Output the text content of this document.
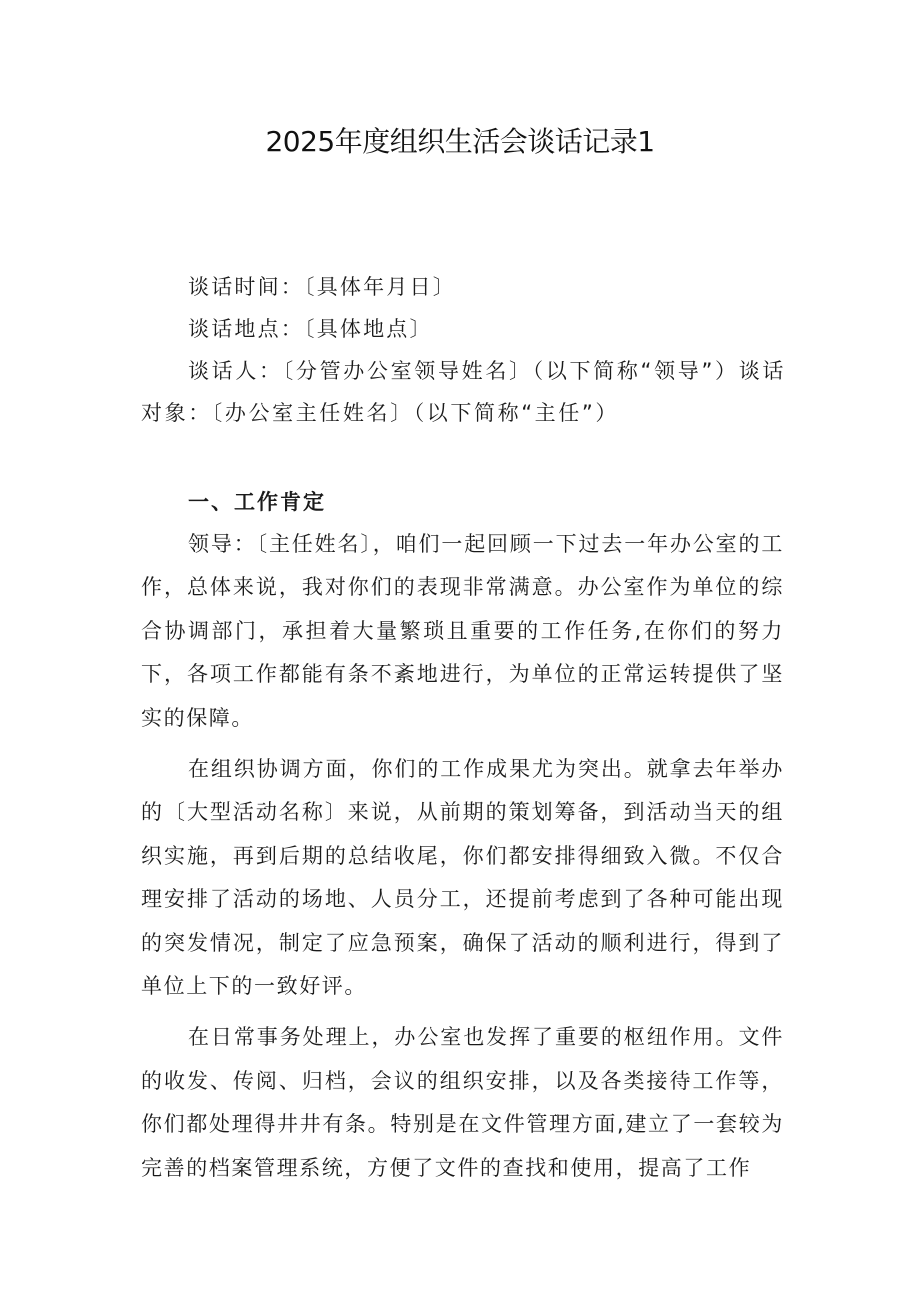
2025年度组织生活会谈话记录1
谈话时间：〔具体年月日〕
谈话地点：〔具体地点〕
谈话人：〔分管办公室领导姓名〕（以下简称“领导”）谈话对象：〔办公室主任姓名〕（以下简称“主任”）
一、工作肯定

领导：〔主任姓名〕，咱们一起回顾一下过去一年办公室的工作，总体来说，我对你们的表现非常满意。办公室作为单位的综合协调部门，承担着大量繁琐且重要的工作任务,在你们的努力下，各项工作都能有条不紊地进行，为单位的正常运转提供了坚实的保障。

在组织协调方面，你们的工作成果尤为突出。就拿去年举办的〔大型活动名称〕来说，从前期的策划筹备，到活动当天的组织实施，再到后期的总结收尾，你们都安排得细致入微。不仅合理安排了活动的场地、人员分工，还提前考虑到了各种可能出现的突发情况，制定了应急预案，确保了活动的顺利进行，得到了单位上下的一致好评。

在日常事务处理上，办公室也发挥了重要的枢纽作用。文件的收发、传阅、归档，会议的组织安排，以及各类接待工作等，你们都处理得井井有条。特别是在文件管理方面,建立了一套较为完善的档案管理系统，方便了文件的查找和使用，提高了工作
